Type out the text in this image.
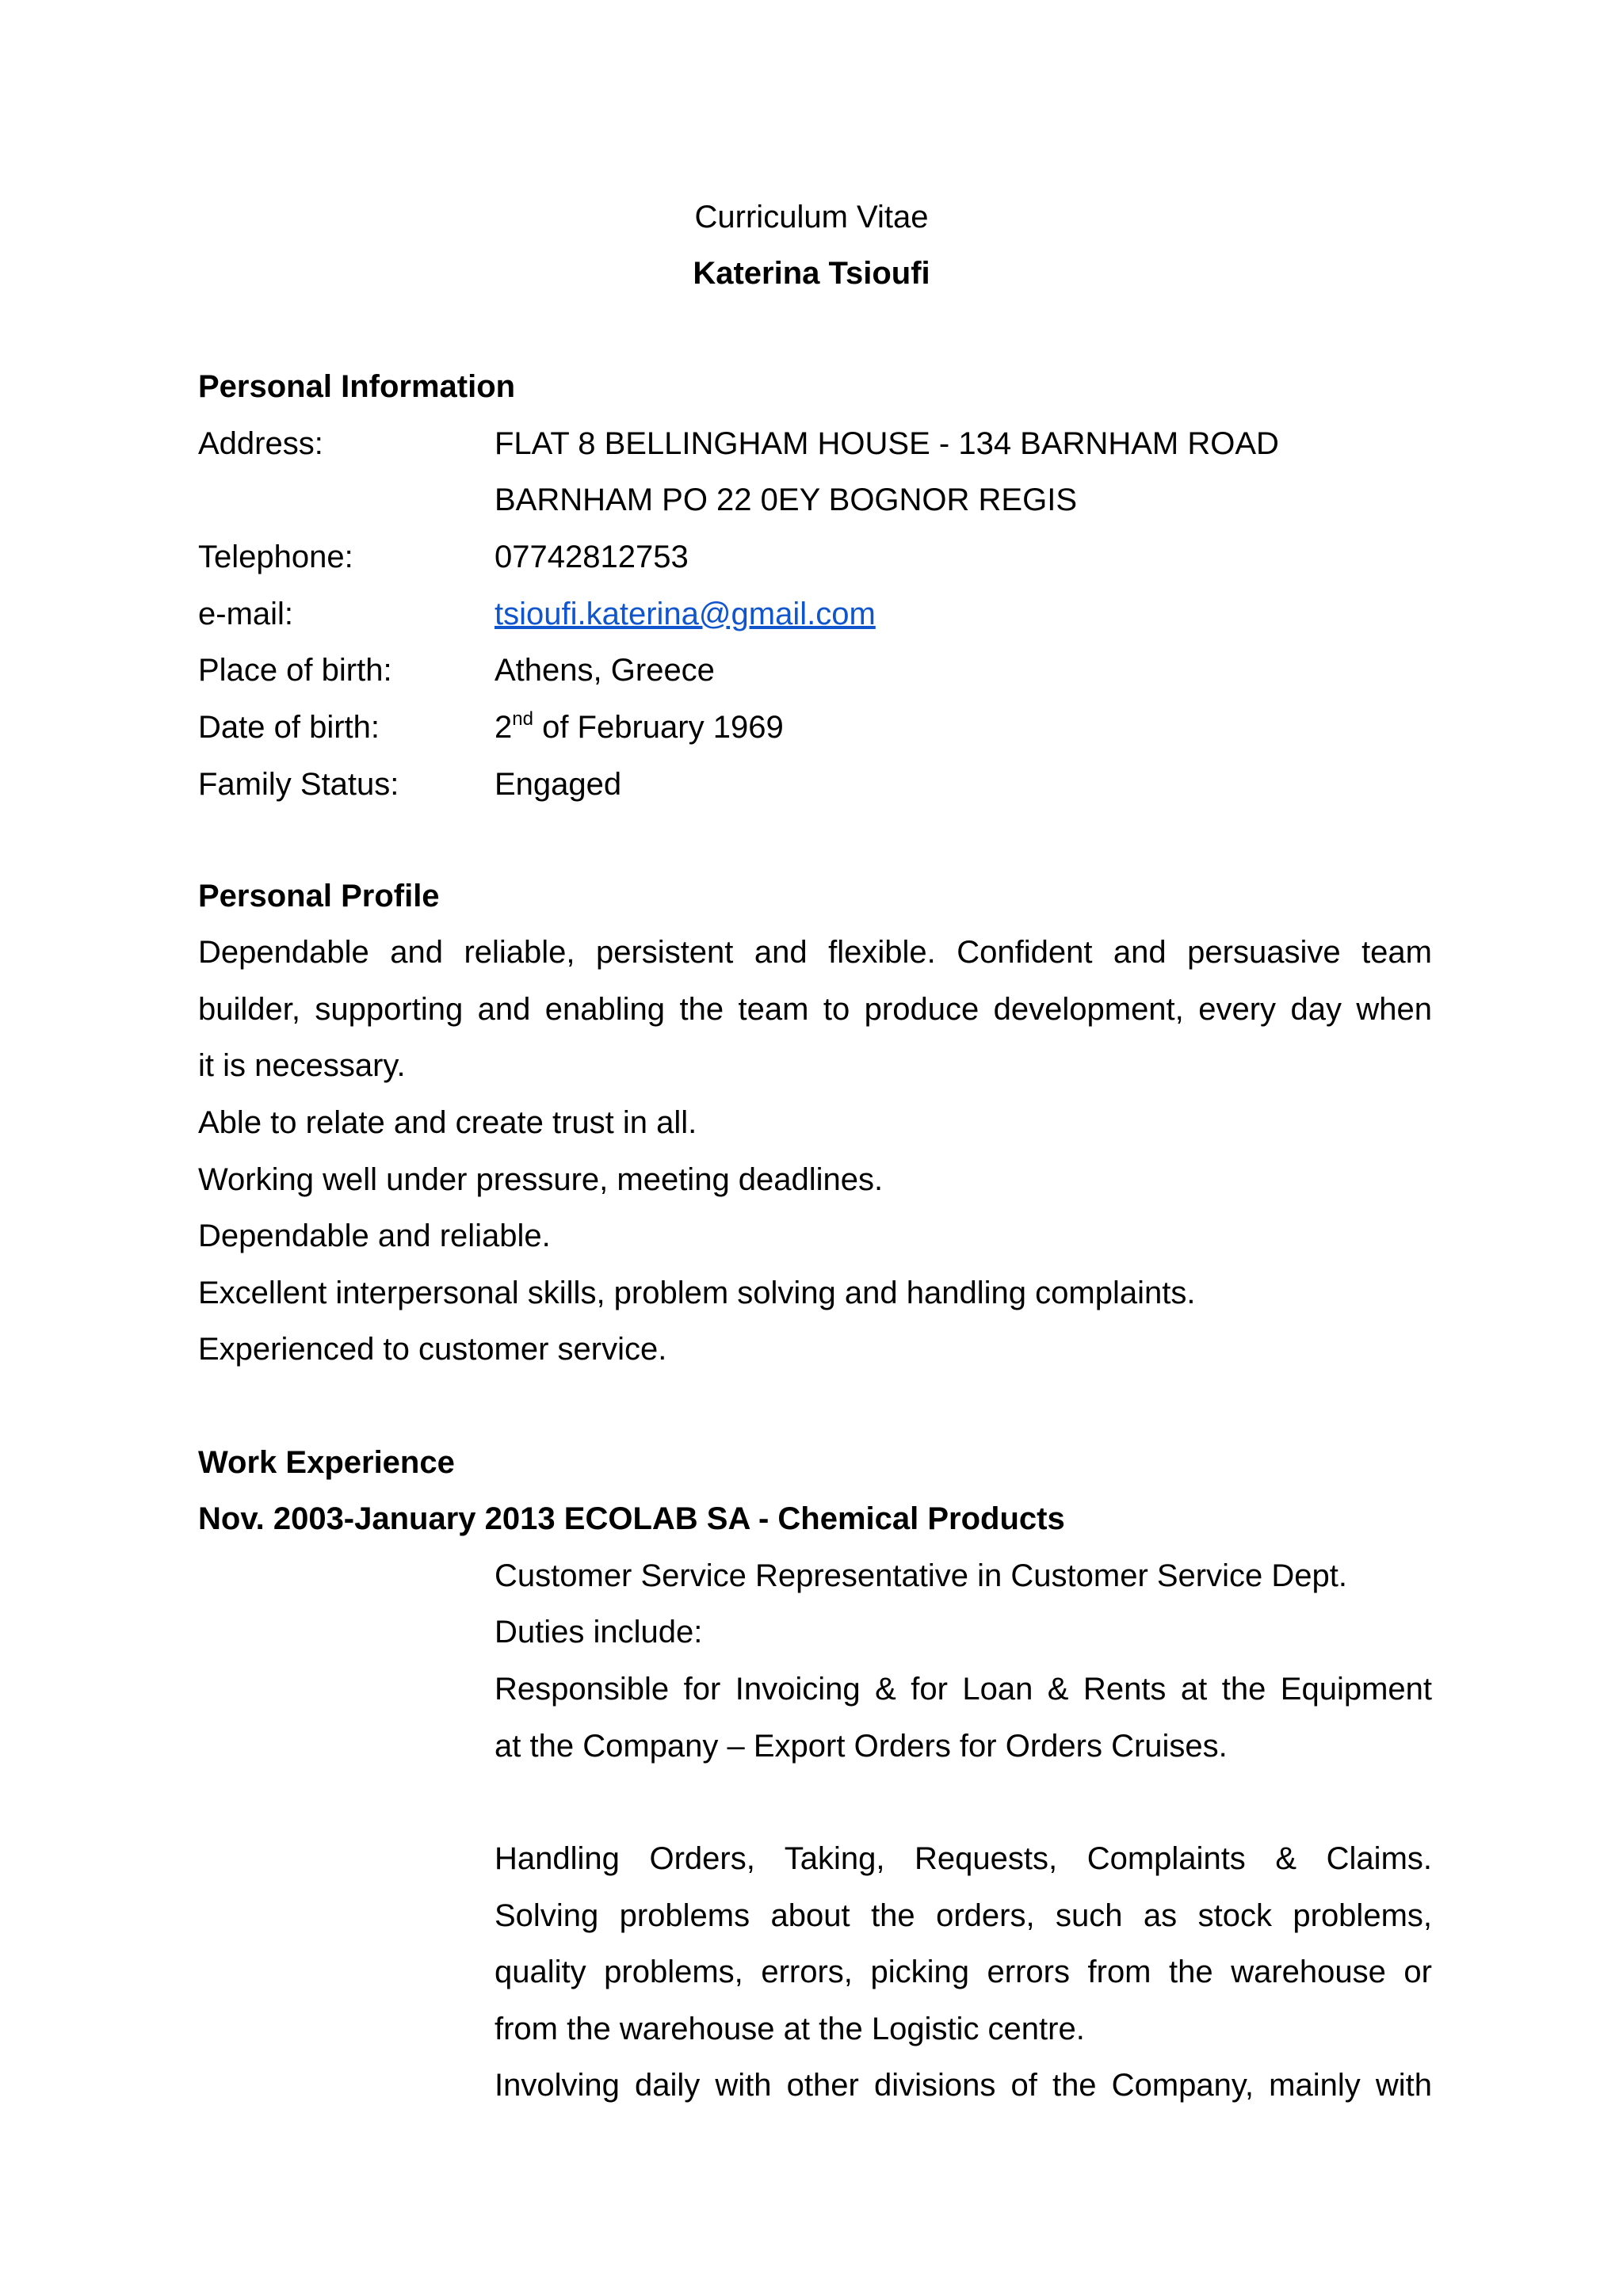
Curriculum Vitae
Katerina Tsioufi
Personal Information
Address:	FLAT 8 BELLINGHAM HOUSE - 134 BARNHAM ROAD
BARNHAM PO 22 0EY BOGNOR REGIS
Telephone:	07742812753
e-mail:	tsioufi.katerina@gmail.com
Place of birth:	Athens, Greece
Date of birth:	2nd of February 1969
Family Status:	Engaged
Personal Profile
Dependable and reliable, persistent and flexible. Confident and persuasive team
builder, supporting and enabling the team to produce development, every day when
it is necessary.
Able to relate and create trust in all.
Working well under pressure, meeting deadlines.
Dependable and reliable.
Excellent interpersonal skills, problem solving and handling complaints.
Experienced to customer service.
Work Experience
Nov. 2003-January 2013 ECOLAB SA - Chemical Products
Customer Service Representative in Customer Service Dept.
Duties include:
Responsible for Invoicing & for Loan & Rents at the Equipment
at the Company – Export Orders for Orders Cruises.
Handling Orders, Taking, Requests, Complaints & Claims.
Solving problems about the orders, such as stock problems,
quality problems, errors, picking errors from the warehouse or
from the warehouse at the Logistic centre.
Involving daily with other divisions of the Company, mainly with
